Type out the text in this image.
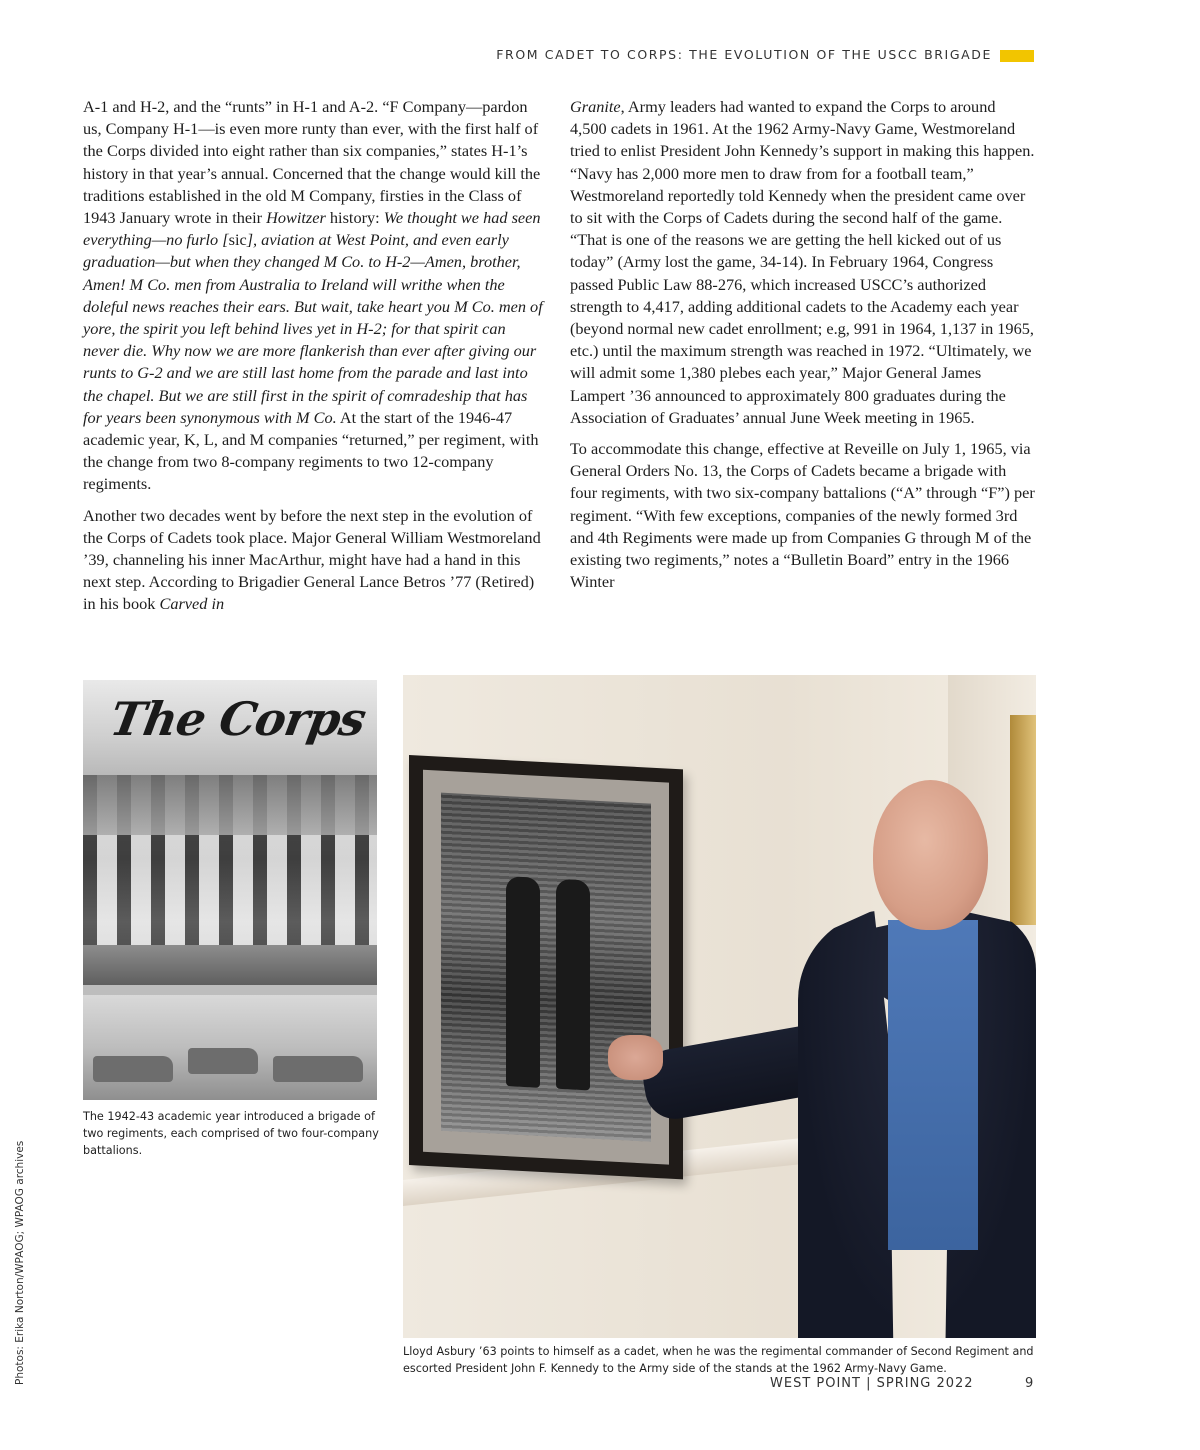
FROM CADET TO CORPS: THE EVOLUTION OF THE USCC BRIGADE

A-1 and H-2, and the “runts” in H-1 and A-2. “F Company—pardon us, Company H-1—is even more runty than ever, with the first half of the Corps divided into eight rather than six companies,” states H-1’s history in that year’s annual. Concerned that the change would kill the traditions established in the old M Company, firsties in the Class of 1943 January wrote in their Howitzer history: We thought we had seen everything—no furlo [sic], aviation at West Point, and even early graduation—but when they changed M Co. to H-2—Amen, brother, Amen! M Co. men from Australia to Ireland will writhe when the doleful news reaches their ears. But wait, take heart you M Co. men of yore, the spirit you left behind lives yet in H-2; for that spirit can never die. Why now we are more flankerish than ever after giving our runts to G-2 and we are still last home from the parade and last into the chapel. But we are still first in the spirit of comradeship that has for years been synonymous with M Co. At the start of the 1946-47 academic year, K, L, and M companies “returned,” per regiment, with the change from two 8-company regiments to two 12-company regiments.

Another two decades went by before the next step in the evolution of the Corps of Cadets took place. Major General William Westmoreland ’39, channeling his inner MacArthur, might have had a hand in this next step. According to Brigadier General Lance Betros ’77 (Retired) in his book Carved in

Granite, Army leaders had wanted to expand the Corps to around 4,500 cadets in 1961. At the 1962 Army-Navy Game, Westmoreland tried to enlist President John Kennedy’s support in making this happen. “Navy has 2,000 more men to draw from for a football team,” Westmoreland reportedly told Kennedy when the president came over to sit with the Corps of Cadets during the second half of the game. “That is one of the reasons we are getting the hell kicked out of us today” (Army lost the game, 34-14). In February 1964, Congress passed Public Law 88-276, which increased USCC’s authorized strength to 4,417, adding additional cadets to the Academy each year (beyond normal new cadet enrollment; e.g, 991 in 1964, 1,137 in 1965, etc.) until the maximum strength was reached in 1972. “Ultimately, we will admit some 1,380 plebes each year,” Major General James Lampert ’36 announced to approximately 800 graduates during the Association of Graduates’ annual June Week meeting in 1965.

To accommodate this change, effective at Reveille on July 1, 1965, via General Orders No. 13, the Corps of Cadets became a brigade with four regiments, with two six-company battalions (“A” through “F”) per regiment. “With few exceptions, companies of the newly formed 3rd and 4th Regiments were made up from Companies G through M of the existing two regiments,” notes a “Bulletin Board” entry in the 1966 Winter

The Corps
The 1942-43 academic year introduced a brigade of two regiments, each comprised of two four-company battalions.
Lloyd Asbury ’63 points to himself as a cadet, when he was the regimental commander of Second Regiment and escorted President John F. Kennedy to the Army side of the stands at the 1962 Army-Navy Game.
Photos: Erika Norton/WPAOG; WPAOG archives	WEST POINT | SPRING 2022	9
